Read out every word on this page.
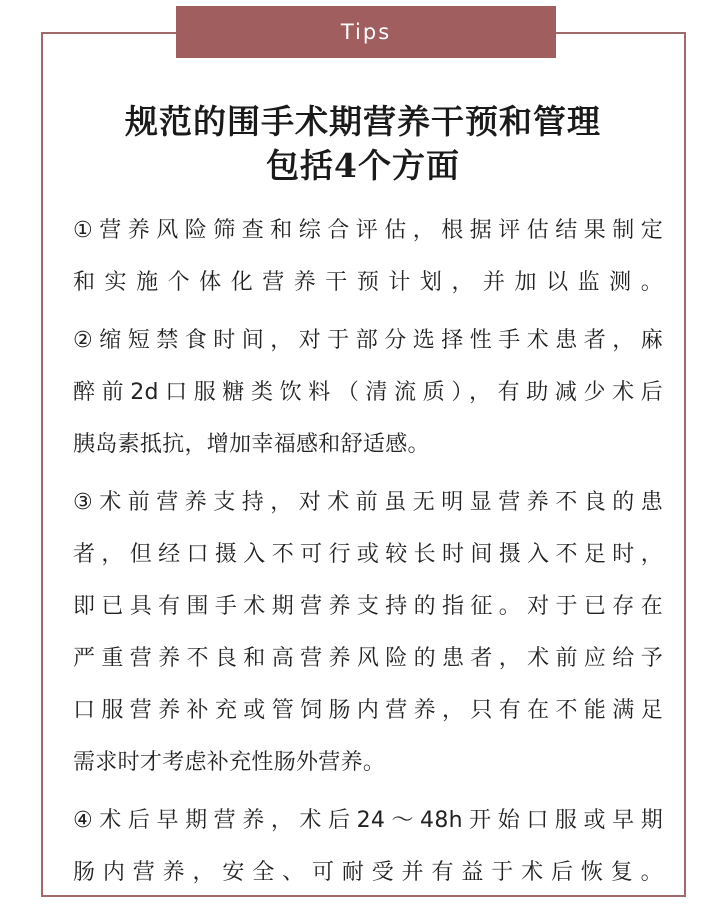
Tips
规范的围手术期营养干预和管理
包括4个方面
①营养风险筛查和综合评估，根据评估结果制定
和实施个体化营养干预计划，并加以监测。
②缩短禁食时间，对于部分选择性手术患者，麻
醉前2d口服糖类饮料（清流质），有助减少术后
胰岛素抵抗，增加幸福感和舒适感。
③术前营养支持，对术前虽无明显营养不良的患
者，但经口摄入不可行或较长时间摄入不足时，
即已具有围手术期营养支持的指征。对于已存在
严重营养不良和高营养风险的患者，术前应给予
口服营养补充或管饲肠内营养，只有在不能满足
需求时才考虑补充性肠外营养。
④术后早期营养，术后24～48h开始口服或早期
肠内营养，安全、可耐受并有益于术后恢复。
